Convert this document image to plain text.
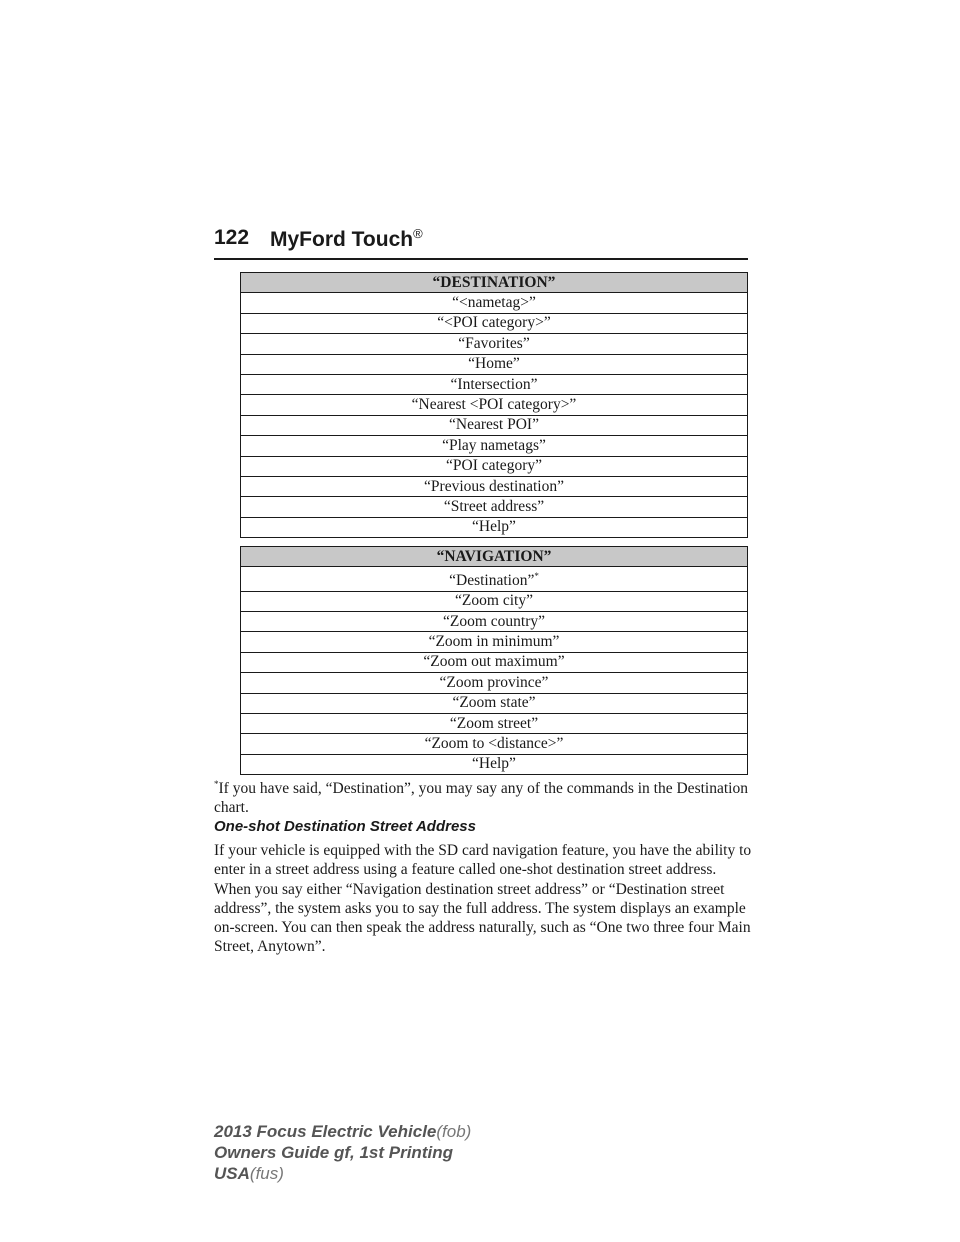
122 MyFord Touch®
“DESTINATION”
“<nametag>”
“<POI category>”
“Favorites”
“Home”
“Intersection”
“Nearest <POI category>”
“Nearest POI”
“Play nametags”
“POI category”
“Previous destination”
“Street address”
“Help”
“NAVIGATION”
“Destination”*
“Zoom city”
“Zoom country”
“Zoom in minimum”
“Zoom out maximum”
“Zoom province”
“Zoom state”
“Zoom street”
“Zoom to <distance>”
“Help”
*If you have said, “Destination”, you may say any of the commands in the Destination chart.
One-shot Destination Street Address
If your vehicle is equipped with the SD card navigation feature, you have the ability to enter in a street address using a feature called one-shot destination street address. When you say either “Navigation destination street address” or “Destination street address”, the system asks you to say the full address. The system displays an example on-screen. You can then speak the address naturally, such as “One two three four Main Street, Anytown”.
2013 Focus Electric Vehicle(fob)
Owners Guide gf, 1st Printing
USA(fus)
